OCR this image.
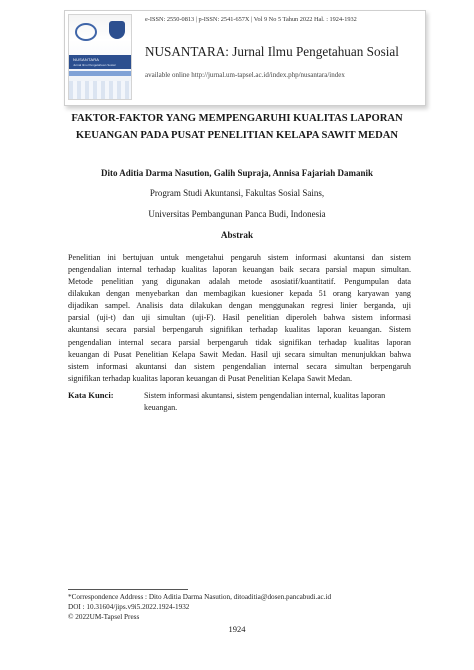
NUSANTARA
Jurnal Ilmu Pengetahuan Sosial
e-ISSN: 2550-0813 | p-ISSN: 2541-657X | Vol 9 No 5 Tahun 2022 Hal. : 1924-1932
NUSANTARA: Jurnal Ilmu Pengetahuan Sosial
available online http://jurnal.um-tapsel.ac.id/index.php/nusantara/index
FAKTOR-FAKTOR YANG MEMPENGARUHI KUALITAS LAPORAN
KEUANGAN PADA PUSAT PENELITIAN KELAPA SAWIT MEDAN
Dito Aditia Darma Nasution, Galih Supraja, Annisa Fajariah Damanik
Program Studi Akuntansi, Fakultas Sosial Sains,
Universitas Pembangunan Panca Budi, Indonesia
Abstrak
Penelitian ini bertujuan untuk mengetahui pengaruh sistem informasi akuntansi dan sistem
pengendalian internal terhadap kualitas laporan keuangan baik secara parsial mapun simultan.
Metode penelitian yang digunakan adalah metode asosiatif/kuantitatif. Pengumpulan data
dilakukan dengan menyebarkan dan membagikan kuesioner kepada 51 orang karyawan yang
dijadikan sampel. Analisis data dilakukan dengan menggunakan regresi linier berganda, uji
parsial (uji-t) dan uji simultan (uji-F). Hasil penelitian diperoleh bahwa sistem informasi
akuntansi secara parsial berpengaruh signifikan terhadap kualitas laporan keuangan. Sistem
pengendalian internal secara parsial berpengaruh tidak signifikan terhadap kualitas laporan
keuangan di Pusat Penelitian Kelapa Sawit Medan. Hasil uji secara simultan menunjukkan bahwa
sistem informasi akuntansi dan sistem pengendalian internal secara simultan berpengaruh
signifikan terhadap kualitas laporan keuangan di Pusat Penelitian Kelapa Sawit Medan.
Kata Kunci:	Sistem informasi akuntansi, sistem pengendalian internal, kualitas laporan
keuangan.
*Correspondence Address : Dito Aditia Darma Nasution, ditoaditia@dosen.pancabudi.ac.id
DOI : 10.31604/jips.v9i5.2022.1924-1932
© 2022UM-Tapsel Press
1924
